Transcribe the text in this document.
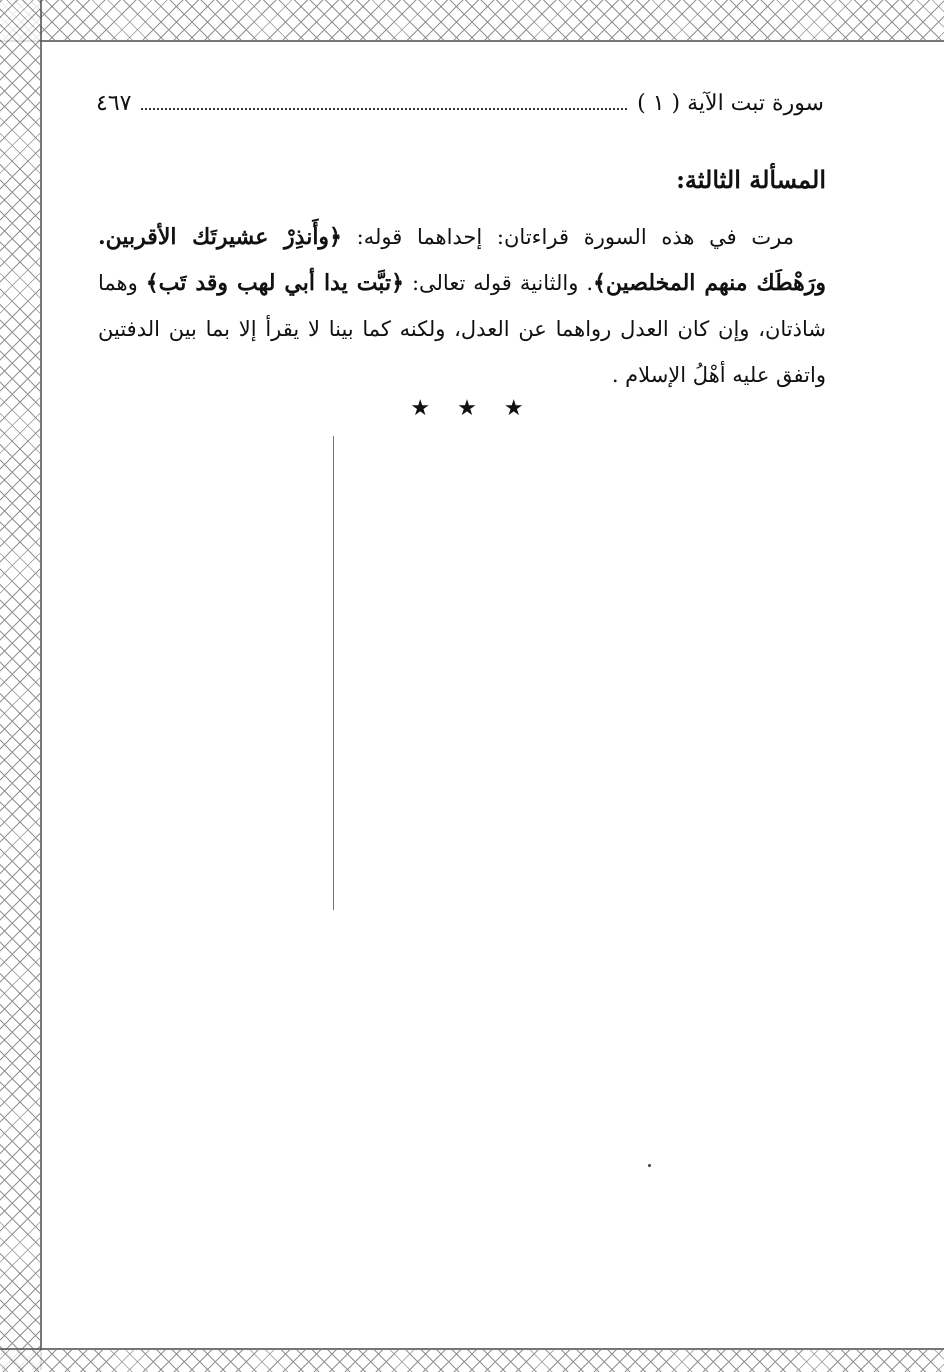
سورة تبت الآية ( ١ )
٤٦٧
المسألة الثالثة:

مرت في هذه السورة قراءتان: إحداهما قوله: ﴿وأَنذِرْ عشيرتَك الأقربين. ورَهْطَك منهم المخلصين﴾. والثانية قوله تعالى: ﴿تبَّت يدا أبي لهب وقد تَب﴾ وهما شاذتان، وإن كان العدل رواهما عن العدل، ولكنه كما بينا لا يقرأ إلا بما بين الدفتين واتفق عليه أهْلُ الإسلام .

★ ★ ★
